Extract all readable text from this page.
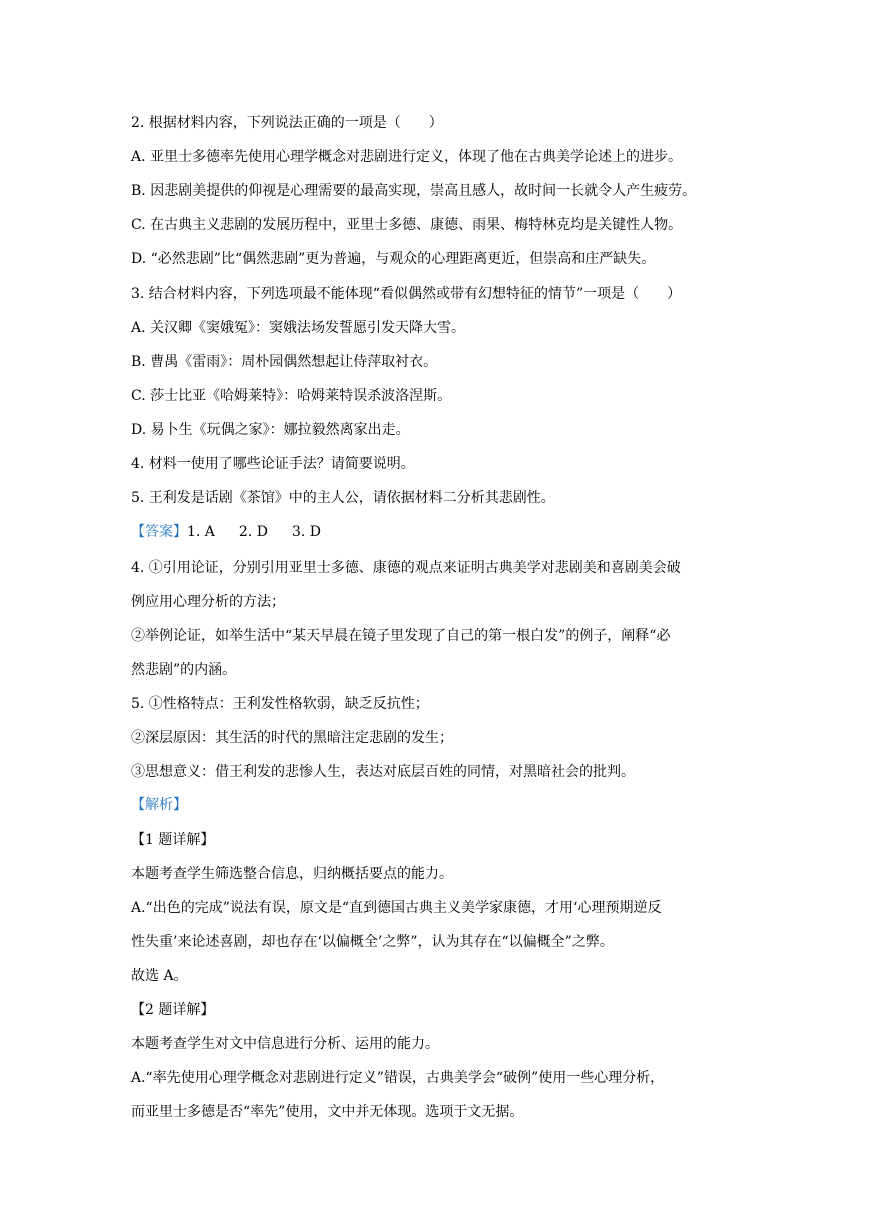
2. 根据材料内容，下列说法正确的一项是（　　）
A. 亚里士多德率先使用心理学概念对悲剧进行定义，体现了他在古典美学论述上的进步。
B. 因悲剧美提供的仰视是心理需要的最高实现，崇高且感人，故时间一长就令人产生疲劳。
C. 在古典主义悲剧的发展历程中，亚里士多德、康德、雨果、梅特林克均是关键性人物。
D. “必然悲剧”比“偶然悲剧”更为普遍，与观众的心理距离更近，但崇高和庄严缺失。
3. 结合材料内容，下列选项最不能体现“看似偶然或带有幻想特征的情节”一项是（　　）
A. 关汉卿《窦娥冤》：窦娥法场发誓愿引发天降大雪。
B. 曹禺《雷雨》：周朴园偶然想起让侍萍取衬衣。
C. 莎士比亚《哈姆莱特》：哈姆莱特误杀波洛涅斯。
D. 易卜生《玩偶之家》：娜拉毅然离家出走。
4. 材料一使用了哪些论证手法？请简要说明。
5. 王利发是话剧《茶馆》中的主人公，请依据材料二分析其悲剧性。
【答案】1. A 2. D 3. D
4. ①引用论证，分别引用亚里士多德、康德的观点来证明古典美学对悲剧美和喜剧美会破
例应用心理分析的方法；
②举例论证，如举生活中“某天早晨在镜子里发现了自己的第一根白发”的例子，阐释“必
然悲剧”的内涵。
5. ①性格特点：王利发性格软弱，缺乏反抗性；
②深层原因：其生活的时代的黑暗注定悲剧的发生；
③思想意义：借王利发的悲惨人生，表达对底层百姓的同情，对黑暗社会的批判。
【解析】
【1 题详解】
本题考查学生筛选整合信息，归纳概括要点的能力。
A.“出色的完成”说法有误，原文是“直到德国古典主义美学家康德，才用‘心理预期逆反
性失重’来论述喜剧，却也存在‘以偏概全’之弊”，认为其存在“以偏概全”之弊。
故选 A。
【2 题详解】
本题考查学生对文中信息进行分析、运用的能力。
A.“率先使用心理学概念对悲剧进行定义”错误，古典美学会“破例”使用一些心理分析，
而亚里士多德是否“率先”使用，文中并无体现。选项于文无据。
